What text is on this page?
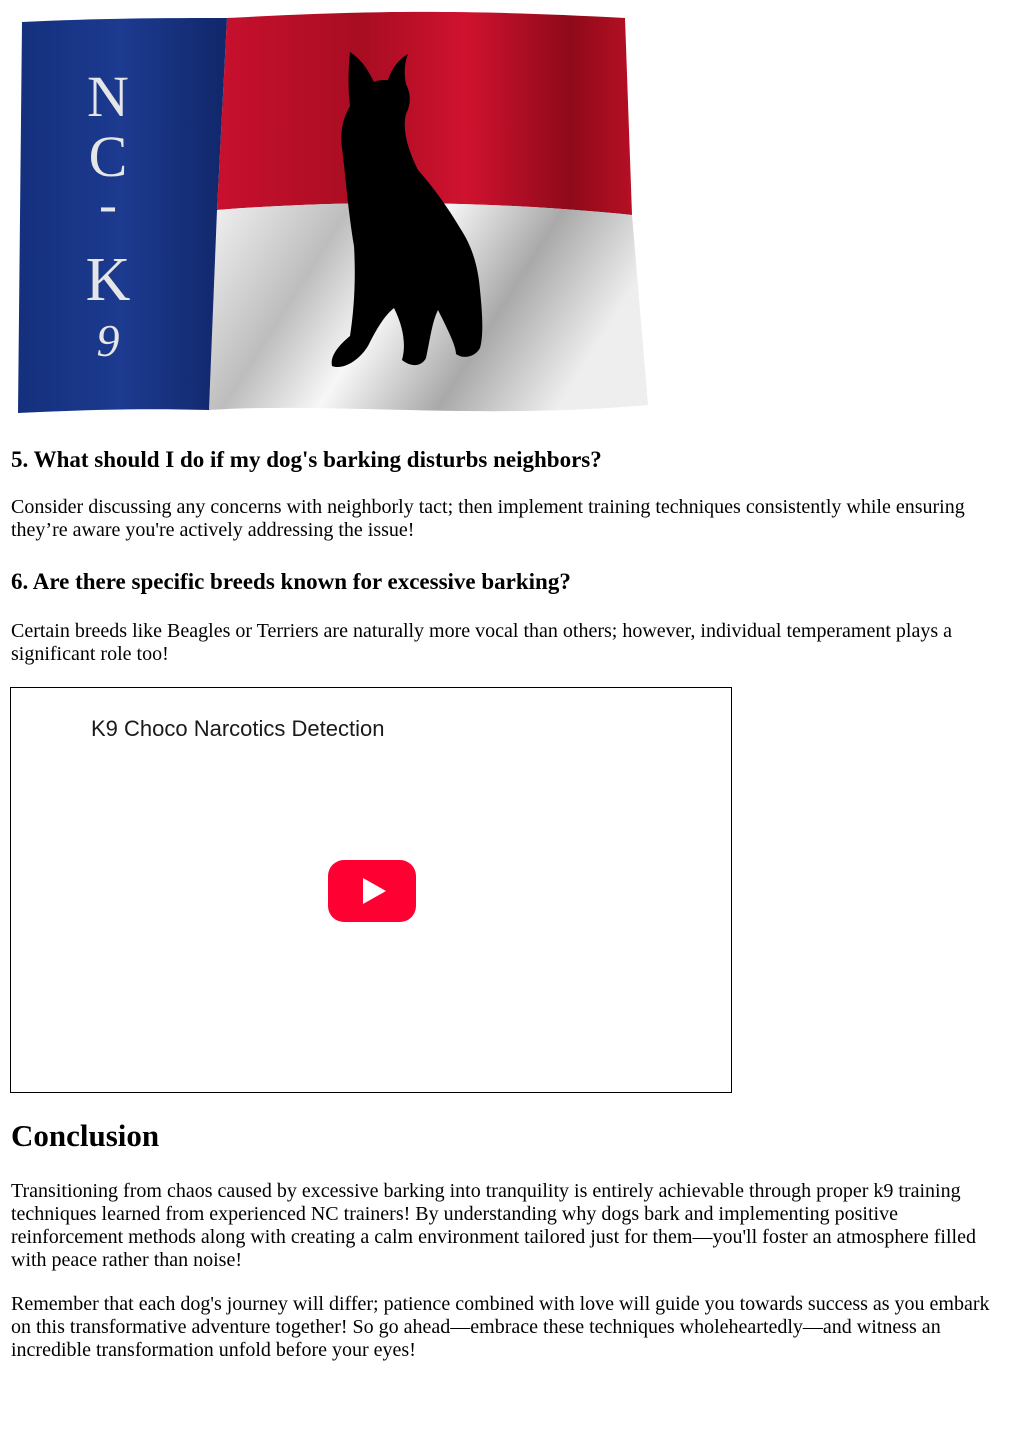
N
C
-
K
9
5. What should I do if my dog's barking disturbs neighbors?

Consider discussing any concerns with neighborly tact; then implement training techniques consistently while ensuring they’re aware you're actively addressing the issue!

6. Are there specific breeds known for excessive barking?

Certain breeds like Beagles or Terriers are naturally more vocal than others; however, individual temperament plays a significant role too!

K9 Choco Narcotics Detection
Conclusion

Transitioning from chaos caused by excessive barking into tranquility is entirely achievable through proper k9 training techniques learned from experienced NC trainers! By understanding why dogs bark and implementing positive reinforcement methods along with creating a calm environment tailored just for them—you'll foster an atmosphere filled with peace rather than noise!

Remember that each dog's journey will differ; patience combined with love will guide you towards success as you embark on this transformative adventure together! So go ahead—embrace these techniques wholeheartedly—and witness an incredible transformation unfold before your eyes!
